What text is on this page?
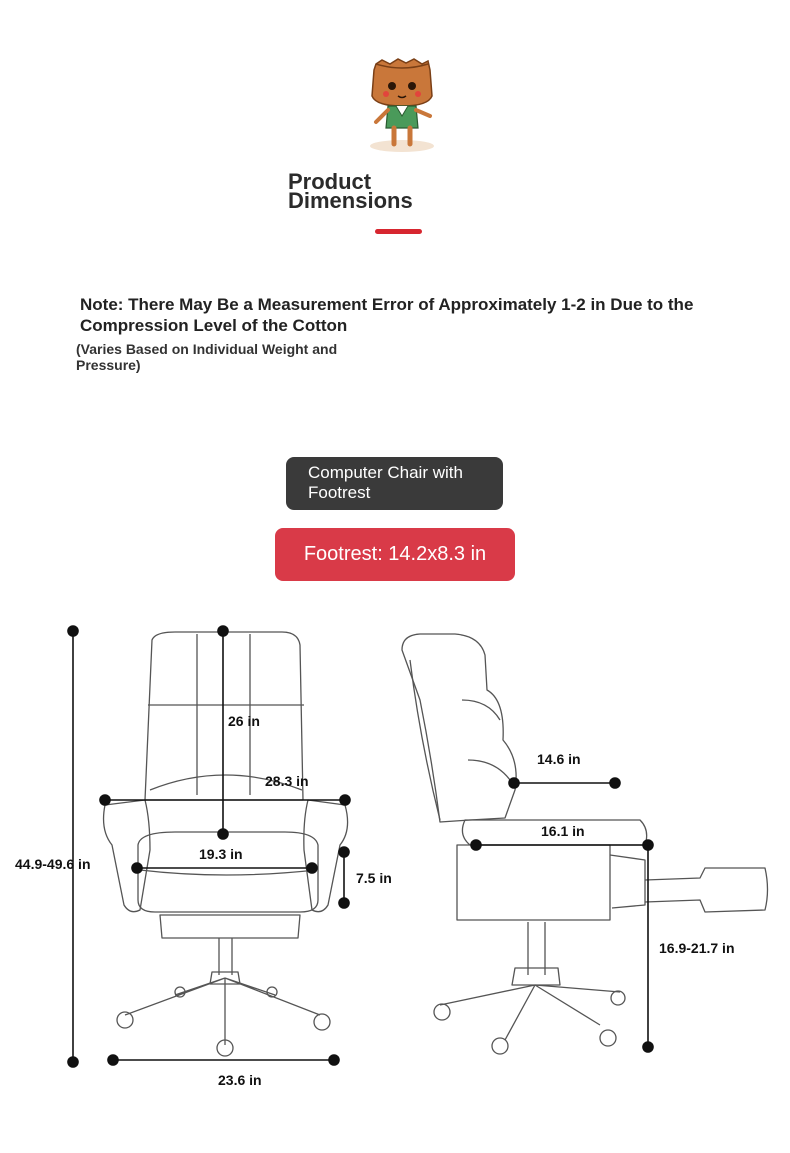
Product
Dimensions
Note: There May Be a Measurement Error of Approximately 1-2 in Due to the Compression Level of the Cotton
(Varies Based on Individual Weight and Pressure)
Computer Chair with Footrest
Footrest: 14.2x8.3 in
44.9-49.6 in
26 in
28.3 in
19.3 in
7.5 in
23.6 in
14.6 in
16.1 in
16.9-21.7 in
